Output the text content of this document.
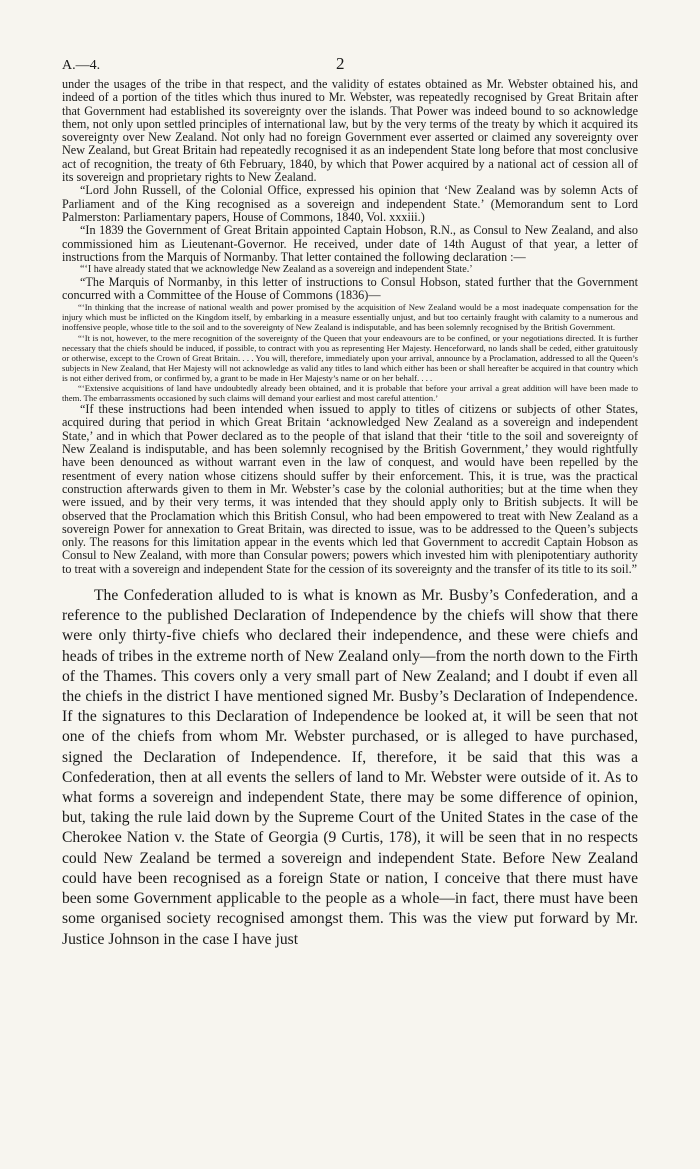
A.—4.	2

under the usages of the tribe in that respect, and the validity of estates obtained as Mr. Webster obtained his, and indeed of a portion of the titles which thus inured to Mr. Webster, was repeatedly recognised by Great Britain after that Government had established its sovereignty over the islands. That Power was indeed bound to so acknowledge them, not only upon settled principles of international law, but by the very terms of the treaty by which it acquired its sovereignty over New Zealand. Not only had no foreign Government ever asserted or claimed any sovereignty over New Zealand, but Great Britain had repeatedly recognised it as an independent State long before that most conclusive act of recognition, the treaty of 6th February, 1840, by which that Power acquired by a national act of cession all of its sovereign and proprietary rights to New Zealand.

“Lord John Russell, of the Colonial Office, expressed his opinion that ‘New Zealand was by solemn Acts of Parliament and of the King recognised as a sovereign and independent State.’ (Memorandum sent to Lord Palmerston: Parliamentary papers, House of Commons, 1840, Vol. xxxiii.)

“In 1839 the Government of Great Britain appointed Captain Hobson, R.N., as Consul to New Zealand, and also commissioned him as Lieutenant-Governor. He received, under date of 14th August of that year, a letter of instructions from the Marquis of Normanby. That letter contained the following declaration :—

“‘I have already stated that we acknowledge New Zealand as a sovereign and independent State.’

“The Marquis of Normanby, in this letter of instructions to Consul Hobson, stated further that the Government concurred with a Committee of the House of Commons (1836)—

“‘In thinking that the increase of national wealth and power promised by the acquisition of New Zealand would be a most inadequate compensation for the injury which must be inflicted on the Kingdom itself, by embarking in a measure essentially unjust, and but too certainly fraught with calamity to a numerous and inoffensive people, whose title to the soil and to the sovereignty of New Zealand is indisputable, and has been solemnly recognised by the British Government.

“‘It is not, however, to the mere recognition of the sovereignty of the Queen that your endeavours are to be confined, or your negotiations directed. It is further necessary that the chiefs should be induced, if possible, to contract with you as representing Her Majesty. Henceforward, no lands shall be ceded, either gratuitously or otherwise, except to the Crown of Great Britain. . . . You will, therefore, immediately upon your arrival, announce by a Proclamation, addressed to all the Queen’s subjects in New Zealand, that Her Majesty will not acknowledge as valid any titles to land which either has been or shall hereafter be acquired in that country which is not either derived from, or confirmed by, a grant to be made in Her Majesty’s name or on her behalf. . . .

“‘Extensive acquisitions of land have undoubtedly already been obtained, and it is probable that before your arrival a great addition will have been made to them. The embarrassments occasioned by such claims will demand your earliest and most careful attention.’

“If these instructions had been intended when issued to apply to titles of citizens or subjects of other States, acquired during that period in which Great Britain ‘acknowledged New Zealand as a sovereign and independent State,’ and in which that Power declared as to the people of that island that their ‘title to the soil and sovereignty of New Zealand is indisputable, and has been solemnly recognised by the British Government,’ they would rightfully have been denounced as without warrant even in the law of conquest, and would have been repelled by the resentment of every nation whose citizens should suffer by their enforcement. This, it is true, was the practical construction afterwards given to them in Mr. Webster’s case by the colonial authorities; but at the time when they were issued, and by their very terms, it was intended that they should apply only to British subjects. It will be observed that the Proclamation which this British Consul, who had been empowered to treat with New Zealand as a sovereign Power for annexation to Great Britain, was directed to issue, was to be addressed to the Queen’s subjects only. The reasons for this limitation appear in the events which led that Government to accredit Captain Hobson as Consul to New Zealand, with more than Consular powers; powers which invested him with plenipotentiary authority to treat with a sovereign and independent State for the cession of its sovereignty and the transfer of its title to its soil.”

The Confederation alluded to is what is known as Mr. Busby’s Confederation, and a reference to the published Declaration of Independence by the chiefs will show that there were only thirty-five chiefs who declared their independence, and these were chiefs and heads of tribes in the extreme north of New Zealand only—from the north down to the Firth of the Thames. This covers only a very small part of New Zealand; and I doubt if even all the chiefs in the district I have mentioned signed Mr. Busby’s Declaration of Independence. If the signatures to this Declaration of Independence be looked at, it will be seen that not one of the chiefs from whom Mr. Webster purchased, or is alleged to have purchased, signed the Declaration of Independence. If, therefore, it be said that this was a Confederation, then at all events the sellers of land to Mr. Webster were outside of it. As to what forms a sovereign and independent State, there may be some difference of opinion, but, taking the rule laid down by the Supreme Court of the United States in the case of the Cherokee Nation v. the State of Georgia (9 Curtis, 178), it will be seen that in no respects could New Zealand be termed a sovereign and independent State. Before New Zealand could have been recognised as a foreign State or nation, I conceive that there must have been some Government applicable to the people as a whole—in fact, there must have been some organised society recognised amongst them. This was the view put forward by Mr. Justice Johnson in the case I have just
